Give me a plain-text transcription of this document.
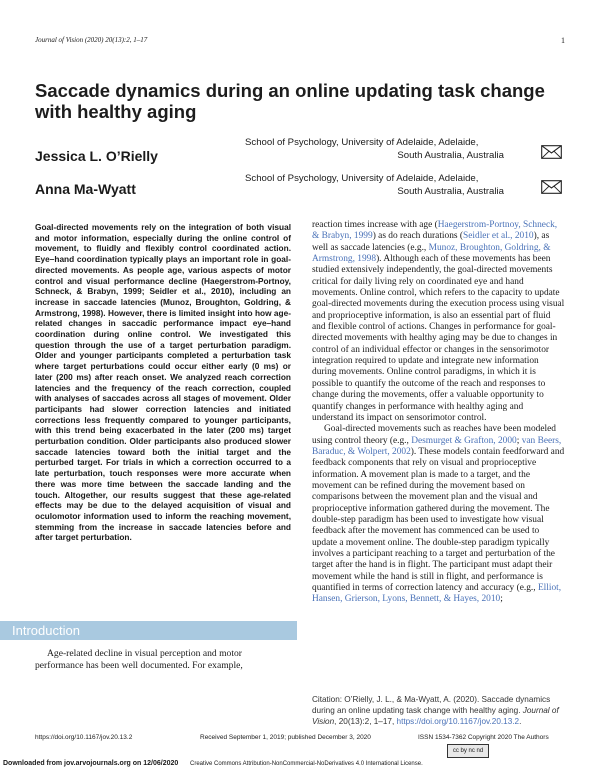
Journal of Vision (2020) 20(13):2, 1–17	1
Saccade dynamics during an online updating task change with healthy aging
Jessica L. O’Rielly
School of Psychology, University of Adelaide, Adelaide,
South Australia, Australia
Anna Ma-Wyatt
School of Psychology, University of Adelaide, Adelaide,
South Australia, Australia
Goal-directed movements rely on the integration of both visual and motor information, especially during the online control of movement, to fluidly and flexibly control coordinated action. Eye–hand coordination typically plays an important role in goal-directed movements. As people age, various aspects of motor control and visual performance decline (Haegerstrom-Portnoy, Schneck, & Brabyn, 1999; Seidler et al., 2010), including an increase in saccade latencies (Munoz, Broughton, Goldring, & Armstrong, 1998). However, there is limited insight into how age-related changes in saccadic performance impact eye–hand coordination during online control. We investigated this question through the use of a target perturbation paradigm. Older and younger participants completed a perturbation task where target perturbations could occur either early (0 ms) or later (200 ms) after reach onset. We analyzed reach correction latencies and the frequency of the reach correction, coupled with analyses of saccades across all stages of movement. Older participants had slower correction latencies and initiated corrections less frequently compared to younger participants, with this trend being exacerbated in the later (200 ms) target perturbation condition. Older participants also produced slower saccade latencies toward both the initial target and the perturbed target. For trials in which a correction occurred to a late perturbation, touch responses were more accurate when there was more time between the saccade landing and the touch. Altogether, our results suggest that these age-related effects may be due to the delayed acquisition of visual and oculomotor information used to inform the reaching movement, stemming from the increase in saccade latencies before and after target perturbation.
Introduction

Age-related decline in visual perception and motor performance has been well documented. For example,

reaction times increase with age (Haegerstrom-Portnoy, Schneck, & Brabyn, 1999) as do reach durations (Seidler et al., 2010), as well as saccade latencies (e.g., Munoz, Broughton, Goldring, & Armstrong, 1998). Although each of these movements has been studied extensively independently, the goal-directed movements critical for daily living rely on coordinated eye and hand movements. Online control, which refers to the capacity to update goal-directed movements during the execution process using visual and proprioceptive information, is also an essential part of fluid and flexible control of actions. Changes in performance for goal-directed movements with healthy aging may be due to changes in control of an individual effector or changes in the sensorimotor integration required to update and integrate new information during movements. Online control paradigms, in which it is possible to quantify the outcome of the reach and responses to change during the movements, offer a valuable opportunity to quantify changes in performance with healthy aging and understand its impact on sensorimotor control.

Goal-directed movements such as reaches have been modeled using control theory (e.g., Desmurget & Grafton, 2000; van Beers, Baraduc, & Wolpert, 2002). These models contain feedforward and feedback components that rely on visual and proprioceptive information. A movement plan is made to a target, and the movement can be refined during the movement based on comparisons between the movement plan and the visual and proprioceptive information gathered during the movement. The double-step paradigm has been used to investigate how visual feedback after the movement has commenced can be used to update a movement online. The double-step paradigm typically involves a participant reaching to a target and perturbation of the target after the hand is in flight. The participant must adapt their movement while the hand is still in flight, and performance is quantified in terms of correction latency and accuracy (e.g., Elliot, Hansen, Grierson, Lyons, Bennett, & Hayes, 2010;

Citation: O’Rielly, J. L., & Ma-Wyatt, A. (2020). Saccade dynamics during an online updating task change with healthy aging. Journal of Vision, 20(13):2, 1–17, https://doi.org/10.1167/jov.20.13.2.
https://doi.org/10.1167/jov.20.13.2	Received September 1, 2019; published December 3, 2020	ISSN 1534-7362 Copyright 2020 The Authors
cc by nc nd
Creative Commons Attribution-NonCommercial-NoDerivatives 4.0 International License.
Downloaded from jov.arvojournals.org on 12/06/2020
